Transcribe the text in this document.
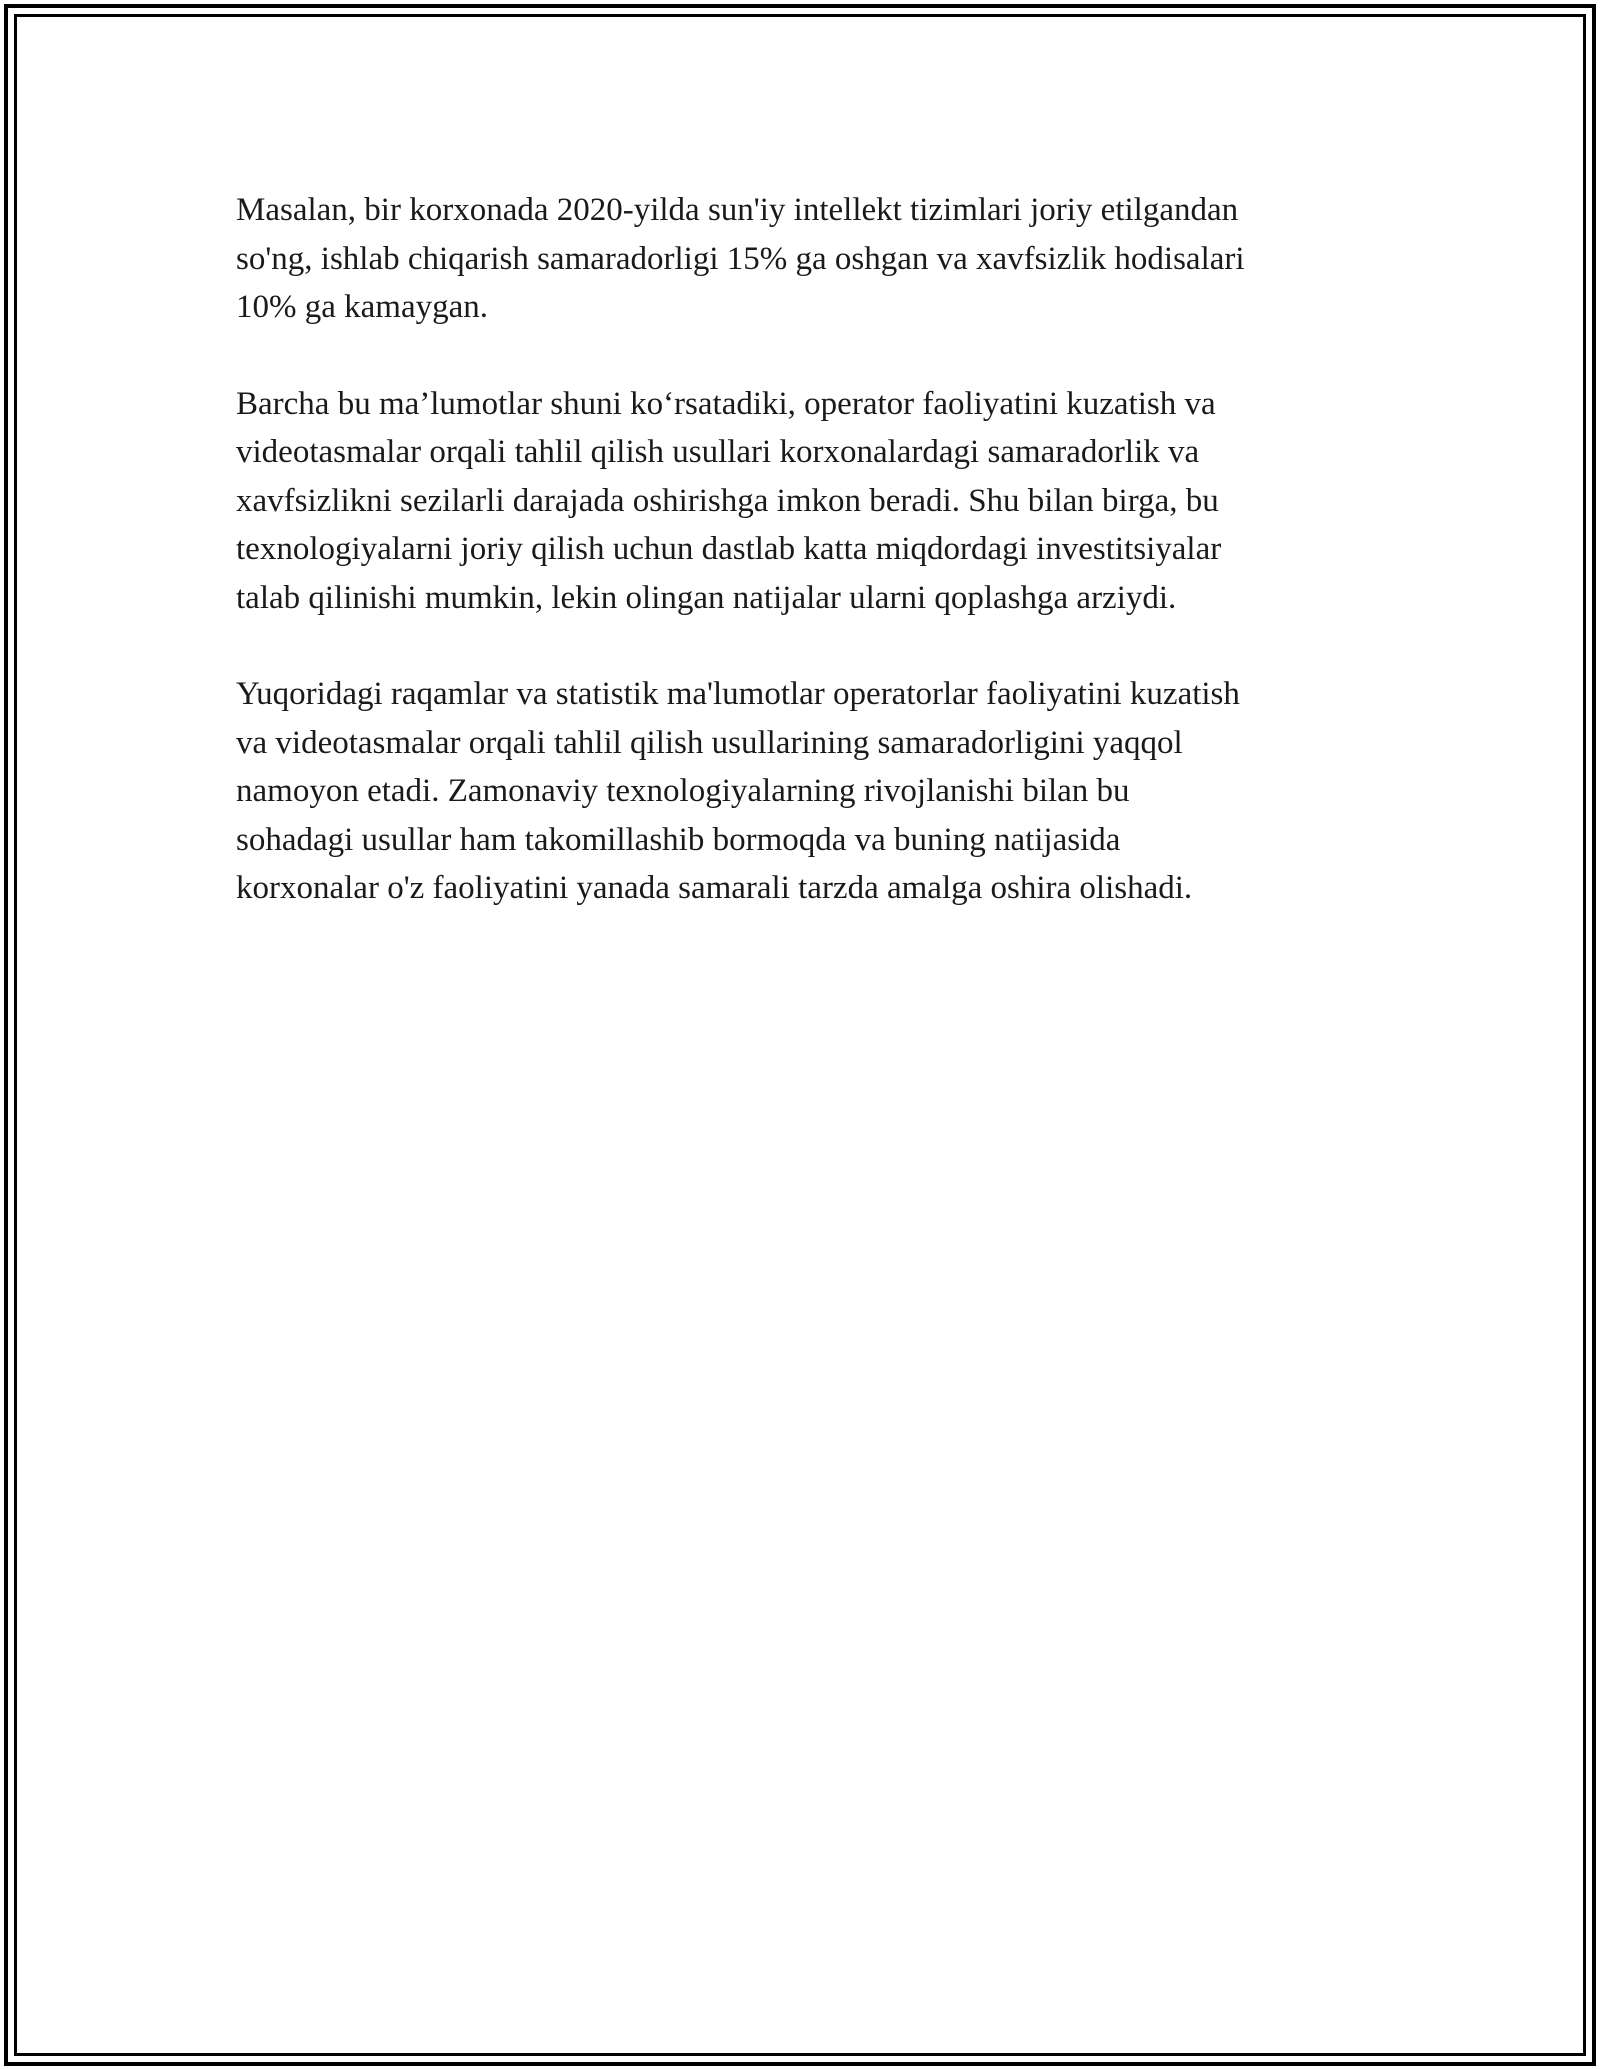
Masalan, bir korxonada 2020-yilda sun'iy intellekt tizimlari joriy etilgandan
so'ng, ishlab chiqarish samaradorligi 15% ga oshgan va xavfsizlik hodisalari
10% ga kamaygan.

Barcha bu ma’lumotlar shuni ko‘rsatadiki, operator faoliyatini kuzatish va
videotasmalar orqali tahlil qilish usullari korxonalardagi samaradorlik va
xavfsizlikni sezilarli darajada oshirishga imkon beradi. Shu bilan birga, bu
texnologiyalarni joriy qilish uchun dastlab katta miqdordagi investitsiyalar
talab qilinishi mumkin, lekin olingan natijalar ularni qoplashga arziydi.

Yuqoridagi raqamlar va statistik ma'lumotlar operatorlar faoliyatini kuzatish
va videotasmalar orqali tahlil qilish usullarining samaradorligini yaqqol
namoyon etadi. Zamonaviy texnologiyalarning rivojlanishi bilan bu
sohadagi usullar ham takomillashib bormoqda va buning natijasida
korxonalar o'z faoliyatini yanada samarali tarzda amalga oshira olishadi.
